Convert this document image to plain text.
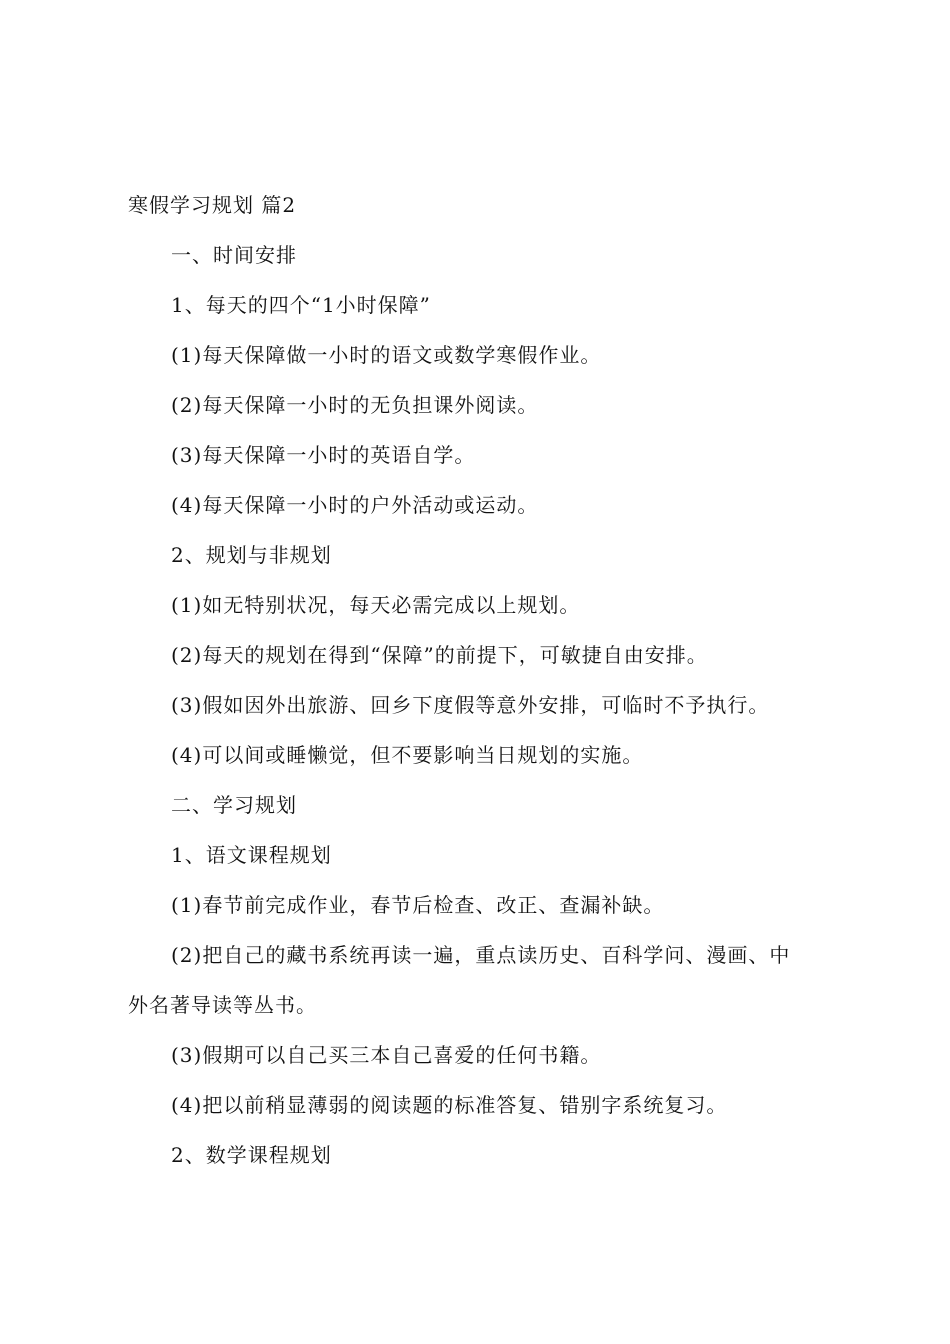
寒假学习规划 篇2
一、时间安排
1、每天的四个“1小时保障”
(1)每天保障做一小时的语文或数学寒假作业。
(2)每天保障一小时的无负担课外阅读。
(3)每天保障一小时的英语自学。
(4)每天保障一小时的户外活动或运动。
2、规划与非规划
(1)如无特别状况，每天必需完成以上规划。
(2)每天的规划在得到“保障”的前提下，可敏捷自由安排。
(3)假如因外出旅游、回乡下度假等意外安排，可临时不予执行。
(4)可以间或睡懒觉，但不要影响当日规划的实施。
二、学习规划
1、语文课程规划
(1)春节前完成作业，春节后检查、改正、查漏补缺。
(2)把自己的藏书系统再读一遍，重点读历史、百科学问、漫画、中
外名著导读等丛书。
(3)假期可以自己买三本自己喜爱的任何书籍。
(4)把以前稍显薄弱的阅读题的标准答复、错别字系统复习。
2、数学课程规划
